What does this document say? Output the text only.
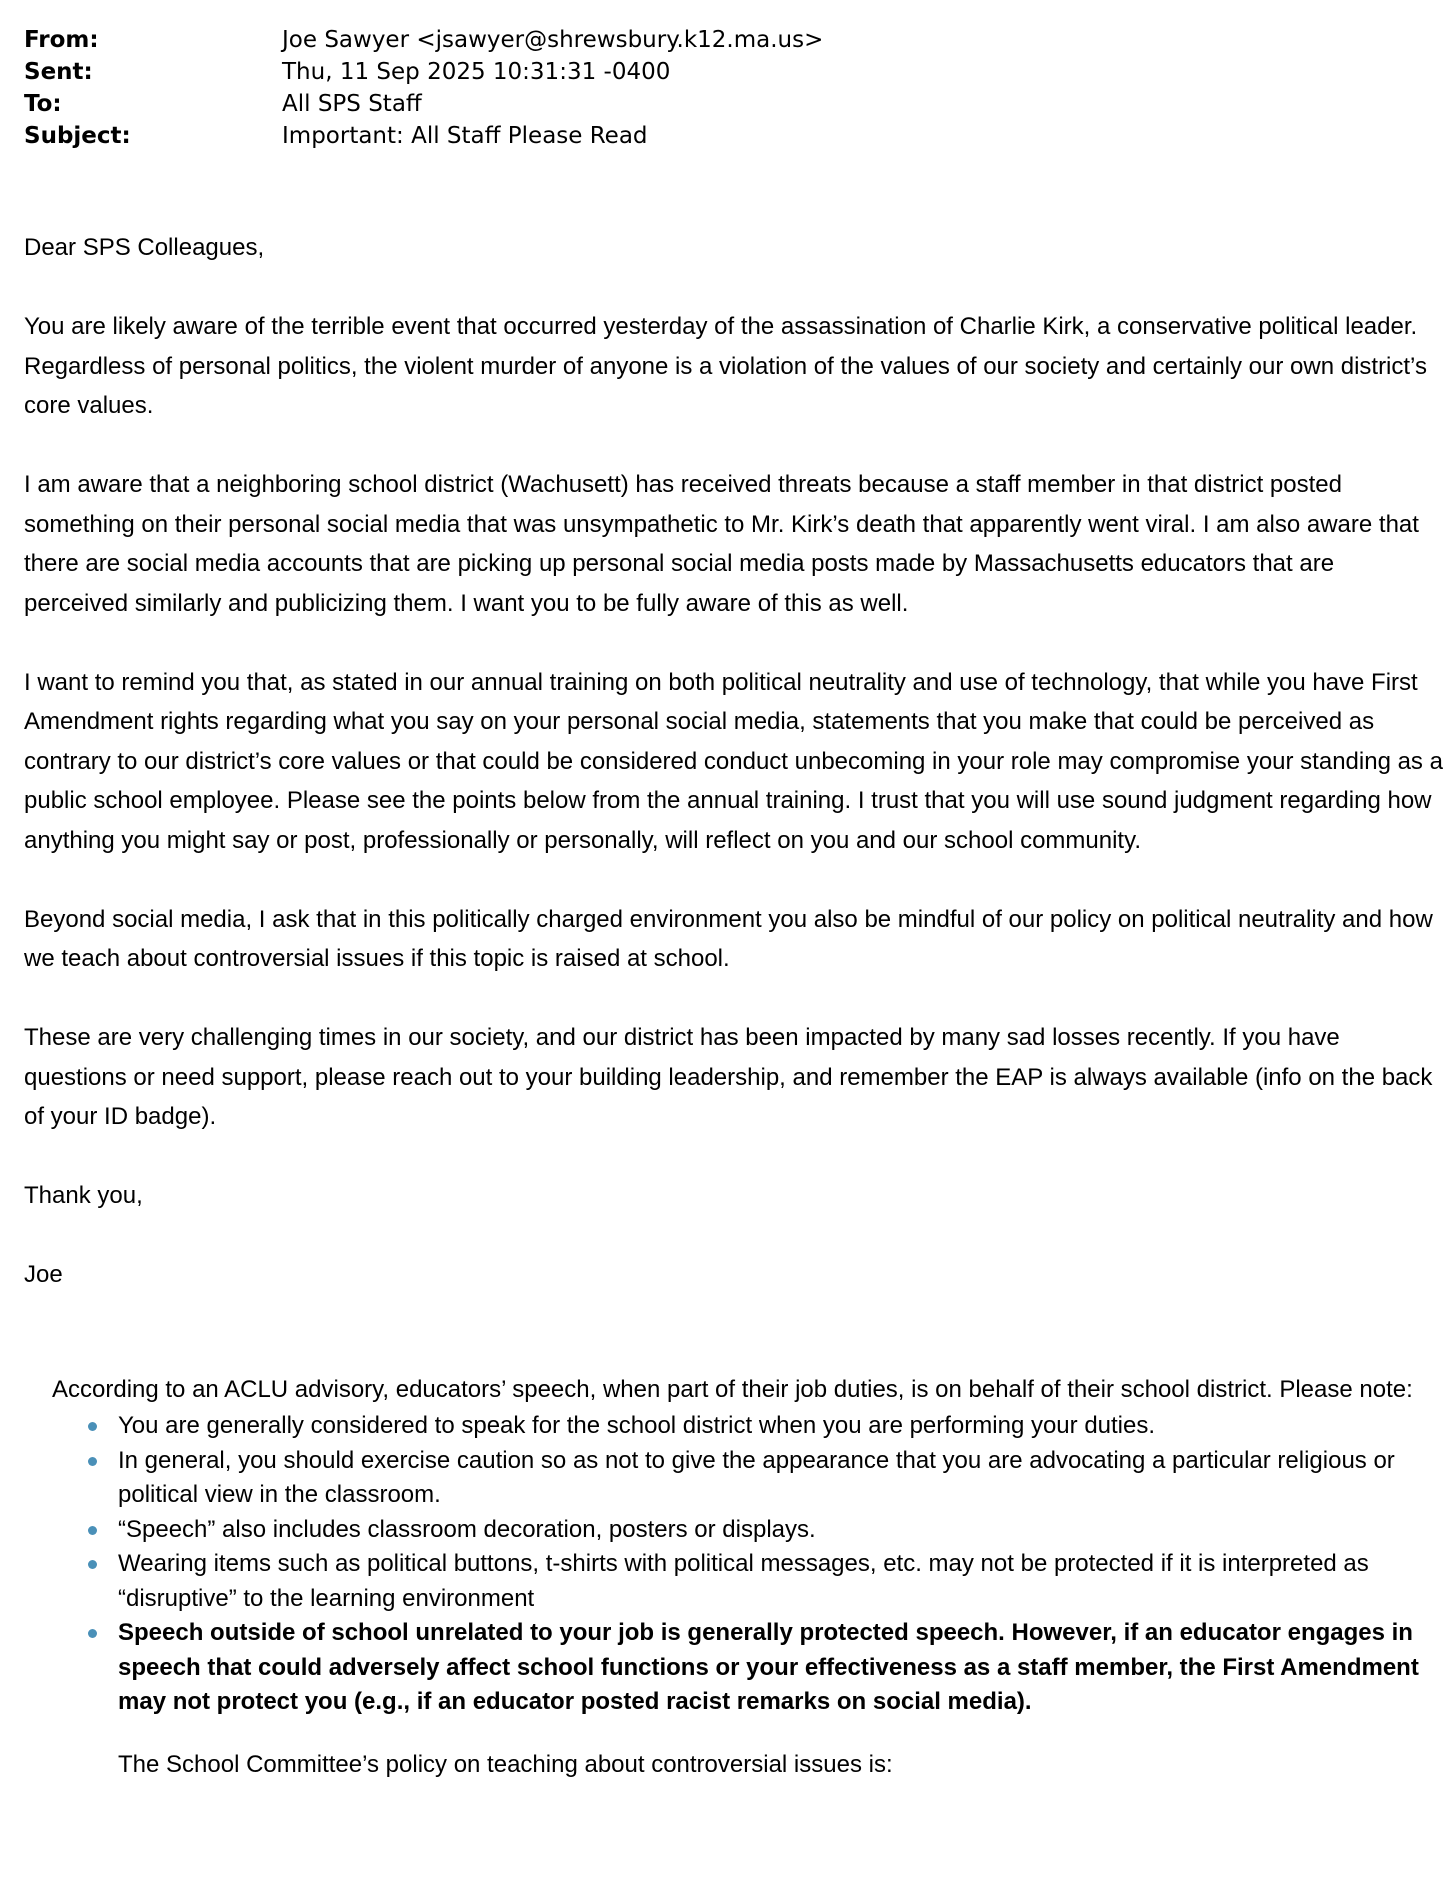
From:	Joe Sawyer <jsawyer@shrewsbury.k12.ma.us>
Sent:	Thu, 11 Sep 2025 10:31:31 -0400
To:	All SPS Staff
Subject:	Important: All Staff Please Read

Dear SPS Colleagues,

You are likely aware of the terrible event that occurred yesterday of the assassination of Charlie Kirk, a conservative political leader. Regardless of personal politics, the violent murder of anyone is a violation of the values of our society and certainly our own district’s core values.

I am aware that a neighboring school district (Wachusett) has received threats because a staff member in that district posted something on their personal social media that was unsympathetic to Mr. Kirk’s death that apparently went viral. I am also aware that there are social media accounts that are picking up personal social media posts made by Massachusetts educators that are perceived similarly and publicizing them. I want you to be fully aware of this as well.

I want to remind you that, as stated in our annual training on both political neutrality and use of technology, that while you have First Amendment rights regarding what you say on your personal social media, statements that you make that could be perceived as contrary to our district’s core values or that could be considered conduct unbecoming in your role may compromise your standing as a public school employee. Please see the points below from the annual training. I trust that you will use sound judgment regarding how anything you might say or post, professionally or personally, will reflect on you and our school community.

Beyond social media, I ask that in this politically charged environment you also be mindful of our policy on political neutrality and how we teach about controversial issues if this topic is raised at school.

These are very challenging times in our society, and our district has been impacted by many sad losses recently. If you have questions or need support, please reach out to your building leadership, and remember the EAP is always available (info on the back of your ID badge).

Thank you,

Joe

According to an ACLU advisory, educators’ speech, when part of their job duties, is on behalf of their school district. Please note:

You are generally considered to speak for the school district when you are performing your duties.
In general, you should exercise caution so as not to give the appearance that you are advocating a particular religious or political view in the classroom.
“Speech” also includes classroom decoration, posters or displays.
Wearing items such as political buttons, t-shirts with political messages, etc. may not be protected if it is interpreted as “disruptive” to the learning environment
Speech outside of school unrelated to your job is generally protected speech. However, if an educator engages in speech that could adversely affect school functions or your effectiveness as a staff member, the First Amendment may not protect you (e.g., if an educator posted racist remarks on social media).

The School Committee’s policy on teaching about controversial issues is:
